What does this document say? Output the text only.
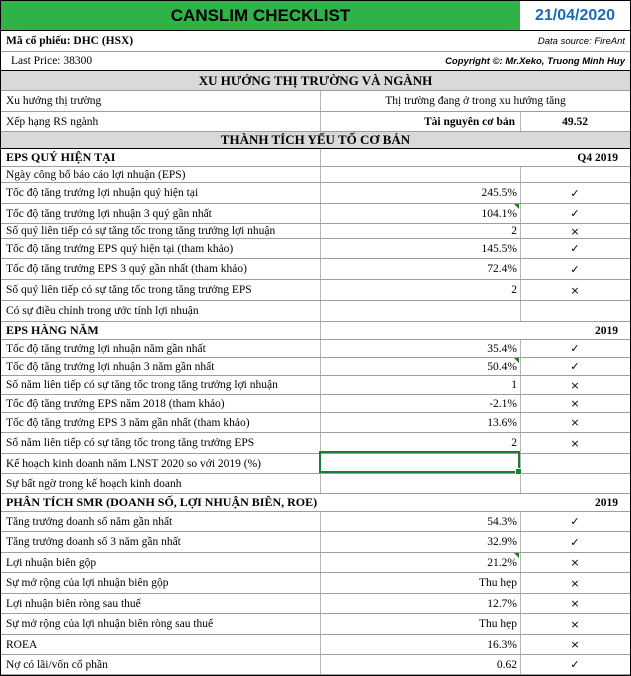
CANSLIM CHECKLIST	21/04/2020
Mã cổ phiếu: DHC (HSX)	Data source: FireAnt
Last Price: 38300	Copyright ©: Mr.Xeko, Truong Minh Huy
XU HƯỚNG THỊ TRƯỜNG VÀ NGÀNH
Xu hướng thị trường	Thị trường đang ở trong xu hướng tăng
Xếp hạng RS ngành	Tài nguyên cơ bản	49.52
THÀNH TÍCH YẾU TỐ CƠ BẢN
EPS QUÝ HIỆN TẠI	Q4 2019
Ngày công bố báo cáo lợi nhuận (EPS)
Tốc độ tăng trưởng lợi nhuận quý hiện tại	245.5%	✓
Tốc độ tăng trưởng lợi nhuận 3 quý gần nhất	104.1%	✓
Số quý liên tiếp có sự tăng tốc trong tăng trưởng lợi nhuận	2	×
Tốc độ tăng trưởng EPS quý hiện tại (tham khảo)	145.5%	✓
Tốc độ tăng trưởng EPS 3 quý gần nhất (tham khảo)	72.4%	✓
Số quý liên tiếp có sự tăng tốc trong tăng trưởng EPS	2	×
Có sự điều chỉnh trong ước tính lợi nhuận
EPS HÀNG NĂM	2019
Tốc độ tăng trưởng lợi nhuận năm gần nhất	35.4%	✓
Tốc độ tăng trưởng lợi nhuận 3 năm gần nhất	50.4%	✓
Số năm liên tiếp có sự tăng tốc trong tăng trưởng lợi nhuận	1	×
Tốc độ tăng trưởng EPS năm 2018 (tham khảo)	-2.1%	×
Tốc độ tăng trưởng EPS 3 năm gần nhất (tham khảo)	13.6%	×
Số năm liên tiếp có sự tăng tốc trong tăng trưởng EPS	2	×
Kế hoạch kinh doanh năm LNST 2020 so với 2019 (%)
Sự bất ngờ trong kế hoạch kinh doanh
PHÂN TÍCH SMR (DOANH SỐ, LỢI NHUẬN BIÊN, ROE)	2019
Tăng trưởng doanh số năm gần nhất	54.3%	✓
Tăng trưởng doanh số 3 năm gần nhất	32.9%	✓
Lợi nhuận biên gộp	21.2%	×
Sự mở rộng của lợi nhuận biên gộp	Thu hẹp	×
Lợi nhuận biên ròng sau thuế	12.7%	×
Sự mở rộng của lợi nhuận biên ròng sau thuế	Thu hẹp	×
ROEA	16.3%	×
Nợ có lãi/vốn cổ phần	0.62	✓
